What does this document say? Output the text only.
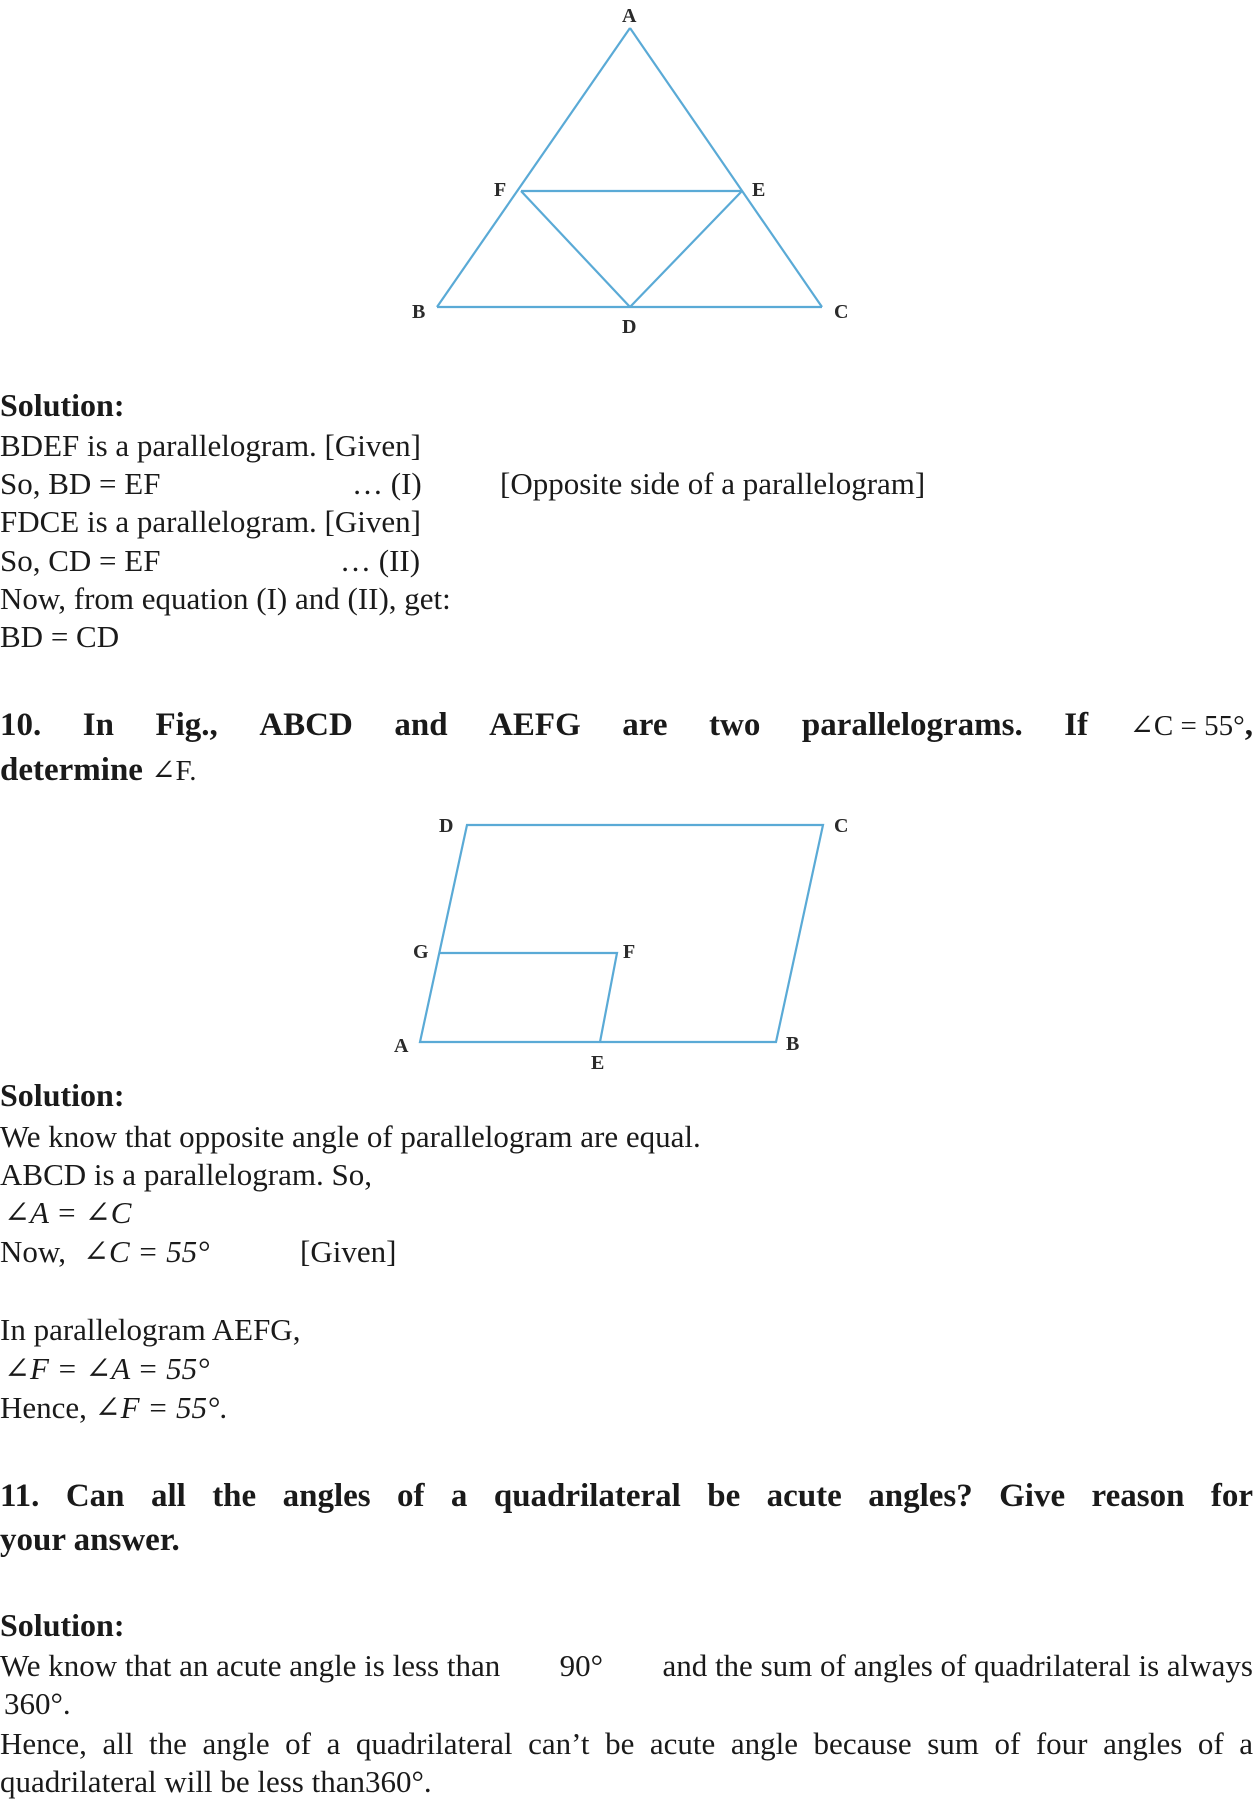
A
F	E
B
D
C
Solution:
BDEF is a parallelogram. [Given]
So, BD = EF	… (I)	[Opposite side of a parallelogram]
FDCE is a parallelogram. [Given]
So, CD = EF	… (II)
Now, from equation (I) and (II), get:
BD = CD
10. In Fig., ABCD and AEFG are two parallelograms. If ∠C = 55°,
determine ∠F.
D	C
G	F
A
E
B
Solution:
We know that opposite angle of parallelogram are equal.
ABCD is a parallelogram. So,
∠A = ∠C
Now, ∠C = 55°	[Given]
In parallelogram AEFG,
∠F = ∠A = 55°
Hence, ∠F = 55°.
11. Can all the angles of a quadrilateral be acute angles? Give reason for
your answer.
Solution:
We know that an acute angle is less than 90° and the sum of angles of quadrilateral is always
360°.
Hence, all the angle of a quadrilateral can’t be acute angle because sum of four angles of a
quadrilateral will be less than360°.
